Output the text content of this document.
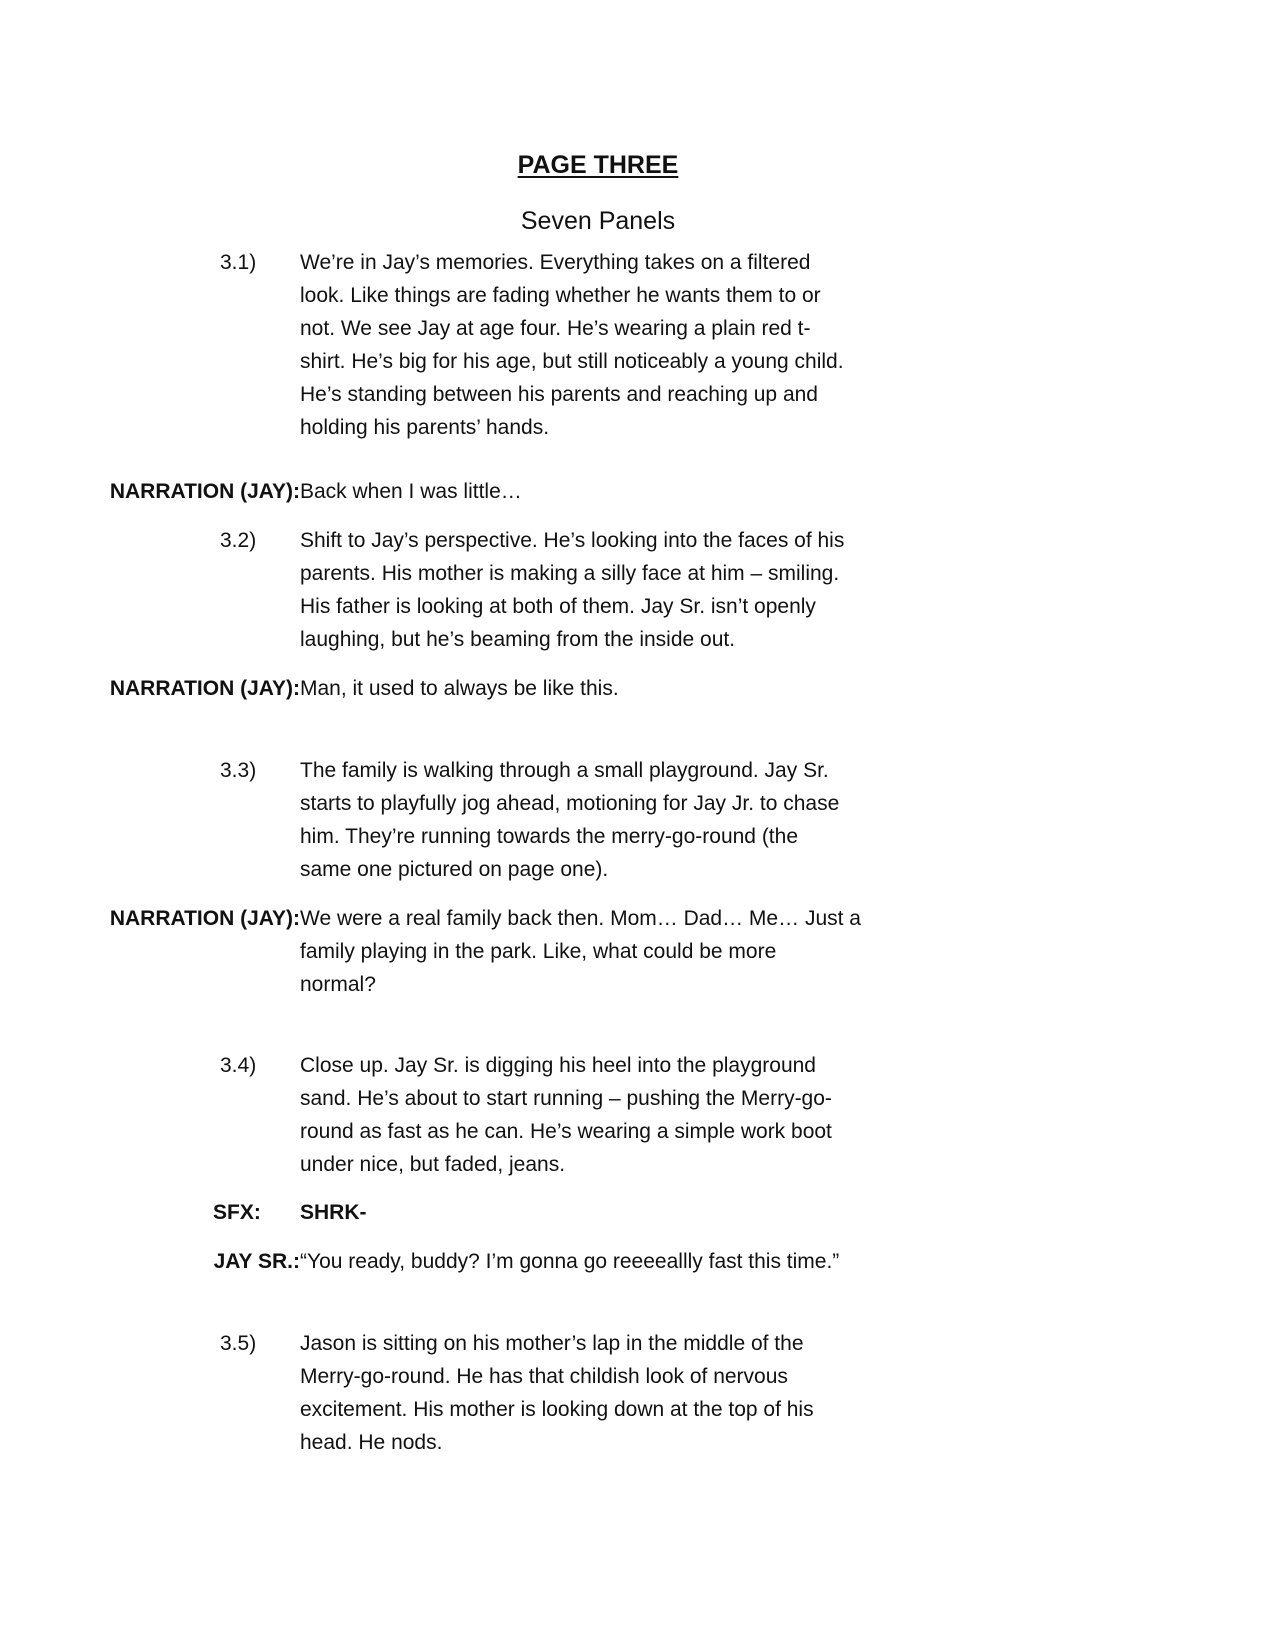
PAGE THREE
Seven Panels

3.1) We’re in Jay’s memories. Everything takes on a filtered
look. Like things are fading whether he wants them to or
not. We see Jay at age four. He’s wearing a plain red t-
shirt. He’s big for his age, but still noticeably a young child.
He’s standing between his parents and reaching up and
holding his parents’ hands.

NARRATION (JAY): Back when I was little…

3.2) Shift to Jay’s perspective. He’s looking into the faces of his
parents. His mother is making a silly face at him – smiling.
His father is looking at both of them. Jay Sr. isn’t openly
laughing, but he’s beaming from the inside out.

NARRATION (JAY): Man, it used to always be like this.

3.3) The family is walking through a small playground. Jay Sr.
starts to playfully jog ahead, motioning for Jay Jr. to chase
him. They’re running towards the merry-go-round (the
same one pictured on page one).

NARRATION (JAY): We were a real family back then. Mom… Dad… Me… Just a
family playing in the park. Like, what could be more
normal?

3.4) Close up. Jay Sr. is digging his heel into the playground
sand. He’s about to start running – pushing the Merry-go-
round as fast as he can. He’s wearing a simple work boot
under nice, but faded, jeans.

SFX: SHRK-

JAY SR.: “You ready, buddy? I’m gonna go reeeeallly fast this time.”

3.5) Jason is sitting on his mother’s lap in the middle of the
Merry-go-round. He has that childish look of nervous
excitement. His mother is looking down at the top of his
head. He nods.
